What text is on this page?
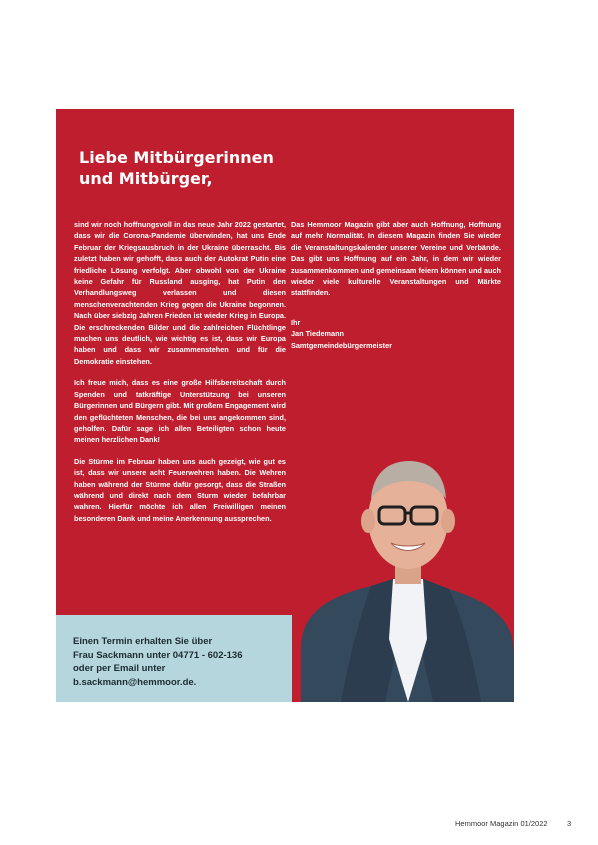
Liebe Mitbürgerinnen
und Mitbürger,

sind wir noch hoffnungsvoll in das neue Jahr 2022 gestartet, dass wir die Corona-Pandemie überwinden, hat uns Ende Februar der Kriegsausbruch in der Ukraine überrascht. Bis zuletzt haben wir gehofft, dass auch der Autokrat Putin eine friedliche Lösung verfolgt. Aber obwohl von der Ukraine keine Gefahr für Russland ausging, hat Putin den Verhandlungsweg verlassen und diesen menschenverachtenden Krieg gegen die Ukraine begonnen. Nach über siebzig Jahren Frieden ist wieder Krieg in Europa. Die erschreckenden Bilder und die zahlreichen Flüchtlinge machen uns deutlich, wie wichtig es ist, dass wir Europa haben und dass wir zusammenstehen und für die Demokratie einstehen.

Ich freue mich, dass es eine große Hilfsbereitschaft durch Spenden und tatkräftige Unterstützung bei unseren Bürgerinnen und Bürgern gibt. Mit großem Engagement wird den geflüchteten Menschen, die bei uns angekommen sind, geholfen. Dafür sage ich allen Beteiligten schon heute meinen herzlichen Dank!

Die Stürme im Februar haben uns auch gezeigt, wie gut es ist, dass wir unsere acht Feuerwehren haben. Die Wehren haben während der Stürme dafür gesorgt, dass die Straßen während und direkt nach dem Sturm wieder befahrbar wahren. Hierfür möchte ich allen Freiwilligen meinen besonderen Dank und meine Anerkennung aussprechen.

Das Hemmoor Magazin gibt aber auch Hoffnung, Hoffnung auf mehr Normalität. In diesem Magazin finden Sie wieder die Veranstaltungskalender unserer Vereine und Verbände. Das gibt uns Hoffnung auf ein Jahr, in dem wir wieder zusammenkommen und gemeinsam feiern können und auch wieder viele kulturelle Veranstaltungen und Märkte stattfinden.

Ihr
Jan Tiedemann
Samtgemeindebürgermeister
Einen Termin erhalten Sie über
Frau Sackmann unter 04771 - 602-136
oder per Email unter
b.sackmann@hemmoor.de.
Hemmoor Magazin 01/2022	3
